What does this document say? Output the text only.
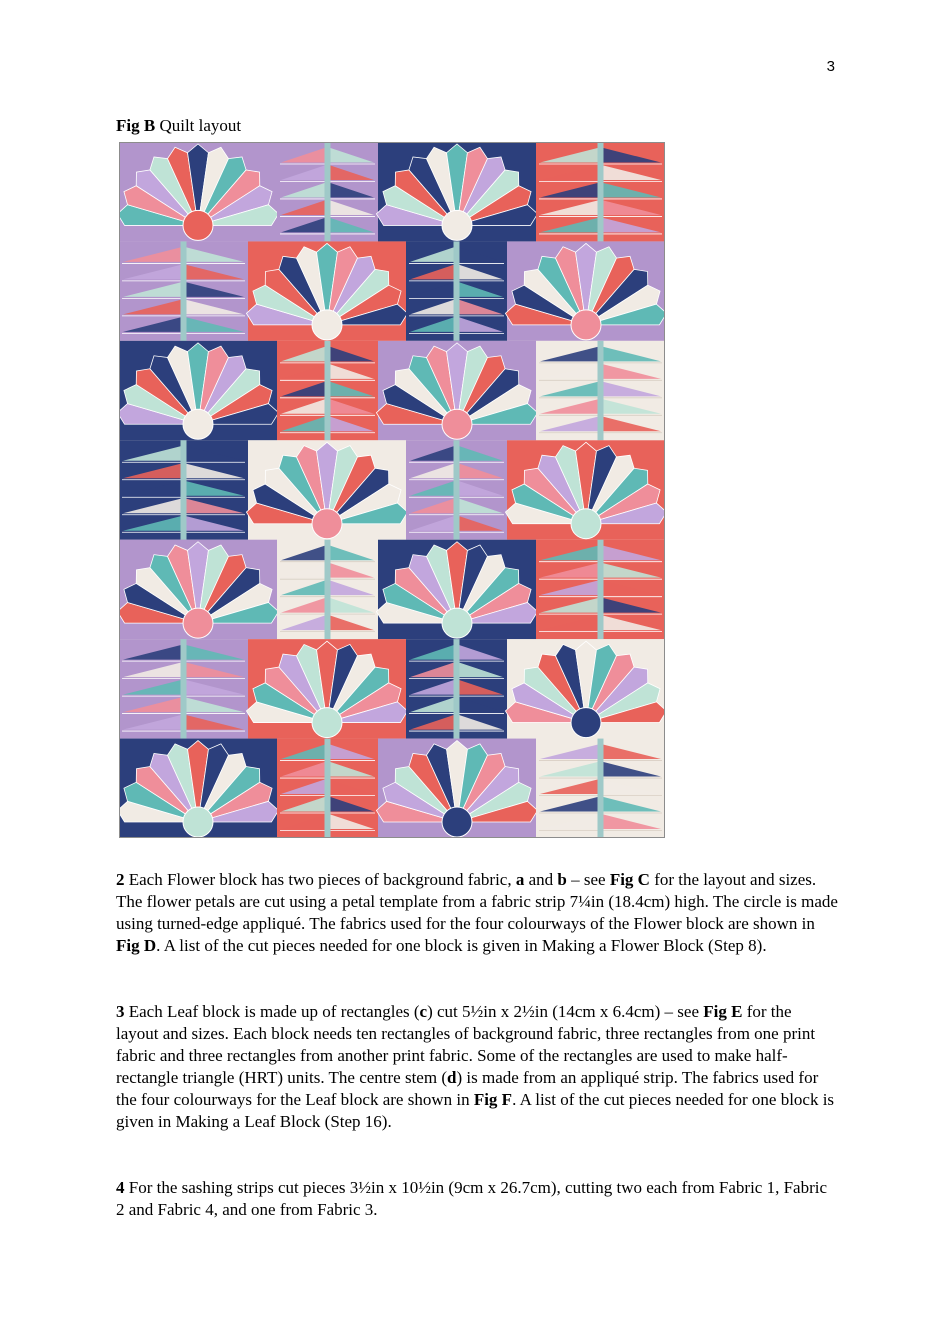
3
Fig B Quilt layout

2 Each Flower block has two pieces of background fabric, a and b – see Fig C for the layout and sizes. The flower petals are cut using a petal template from a fabric strip 7¼in (18.4cm) high. The circle is made using turned-edge appliqué. The fabrics used for the four colourways of the Flower block are shown in Fig D. A list of the cut pieces needed for one block is given in Making a Flower Block (Step 8).

3 Each Leaf block is made up of rectangles (c) cut 5½in x 2½in (14cm x 6.4cm) – see Fig E for the layout and sizes. Each block needs ten rectangles of background fabric, three rectangles from one print fabric and three rectangles from another print fabric. Some of the rectangles are used to make half-rectangle triangle (HRT) units. The centre stem (d) is made from an appliqué strip. The fabrics used for the four colourways for the Leaf block are shown in Fig F. A list of the cut pieces needed for one block is given in Making a Leaf Block (Step 16).

4 For the sashing strips cut pieces 3½in x 10½in (9cm x 26.7cm), cutting two each from Fabric 1, Fabric 2 and Fabric 4, and one from Fabric 3.
